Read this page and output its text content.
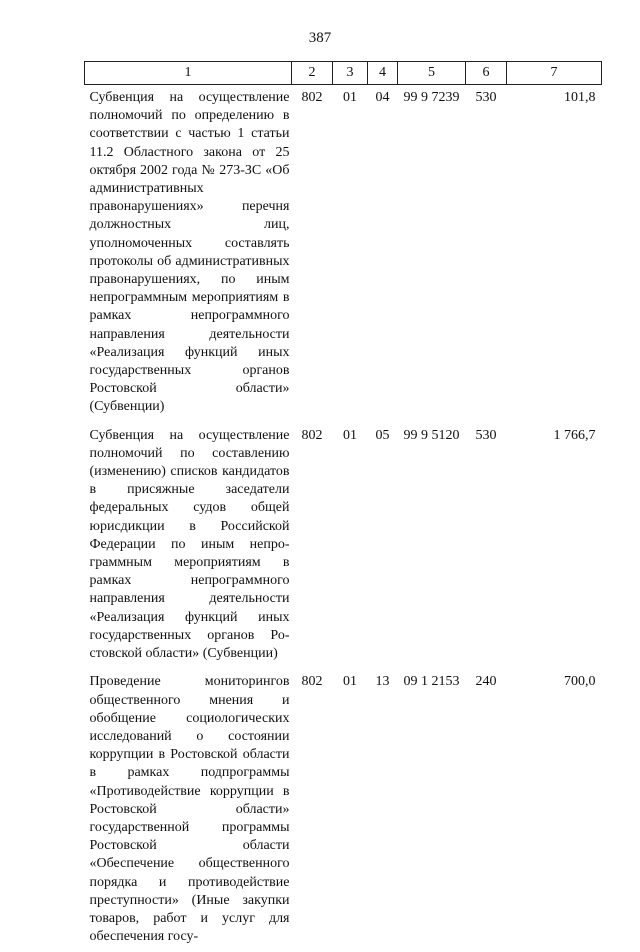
387
1	2	3	4	5	6	7

Субвенция на осуществление полномочий по определению в соответствии с частью 1 статьи 11.2 Областного закона от 25 октября 2002 года № 273-ЗС «Об административных правонарушениях» перечня должностных лиц, уполномоченных составлять протоколы об административных правонарушениях, по иным непрограммным мероприятиям в рамках непрограммного направления деятельности «Реализация функций иных государственных органов Ростовской области» (Субвенции)	802	01	04	99 9 7239	530	101,8

Субвенция на осуществление полномочий по составлению (изменению) списков кандидатов в присяжные заседатели федеральных судов общей юрисдикции в Российской Федерации по иным непрограммным мероприятиям в рамках непрограммного направления деятельности «Реализация функций иных государственных органов Ростовской области» (Субвенции)	802	01	05	99 9 5120	530	1 766,7

Проведение мониторингов общественного мнения и обобщение социологических исследований о состоянии коррупции в Ростовской области в рамках подпрограммы «Противодействие коррупции в Ростовской области» государственной программы Ростовской области «Обеспечение общественного порядка и противодействие преступности» (Иные закупки товаров, работ и услуг для обеспечения госу-	802	01	13	09 1 2153	240	700,0
